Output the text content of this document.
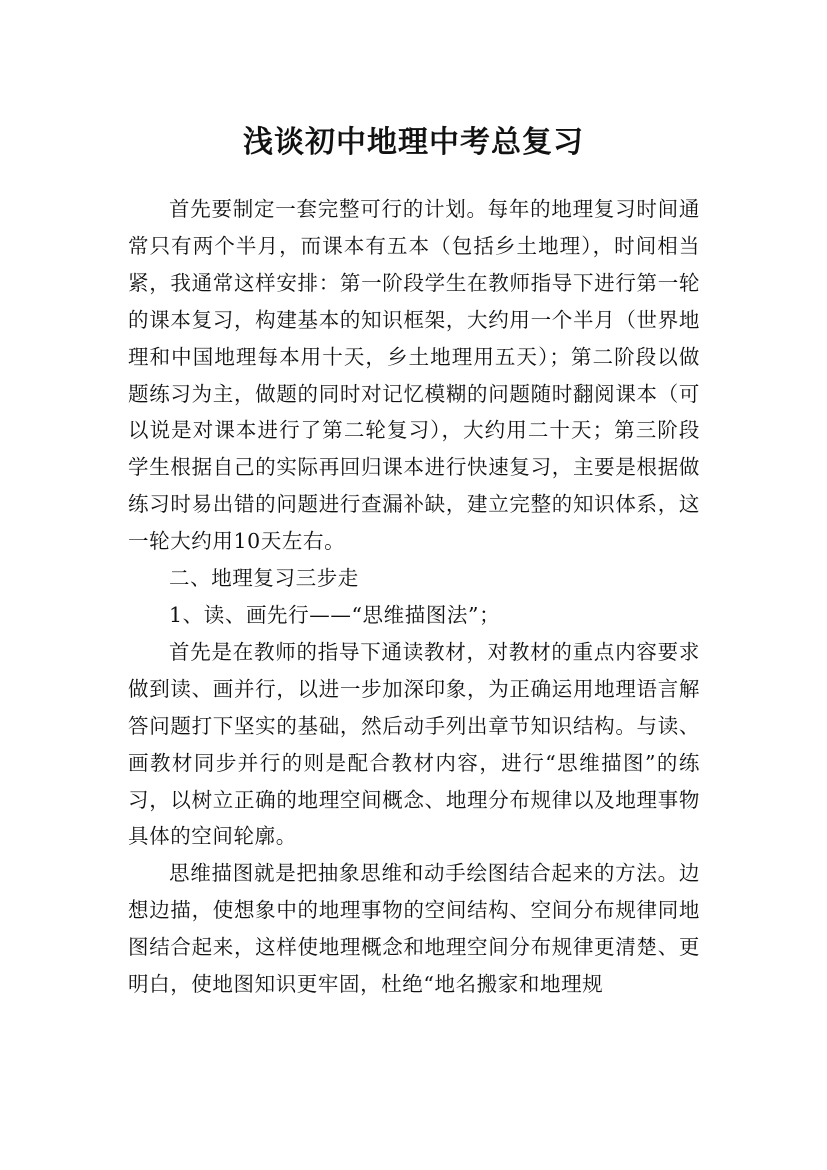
浅谈初中地理中考总复习

首先要制定一套完整可行的计划。每年的地理复习时间通常只有两个半月，而课本有五本（包括乡土地理），时间相当紧，我通常这样安排：第一阶段学生在教师指导下进行第一轮的课本复习，构建基本的知识框架，大约用一个半月（世界地理和中国地理每本用十天，乡土地理用五天）；第二阶段以做题练习为主，做题的同时对记忆模糊的问题随时翻阅课本（可以说是对课本进行了第二轮复习），大约用二十天；第三阶段学生根据自己的实际再回归课本进行快速复习，主要是根据做练习时易出错的问题进行查漏补缺，建立完整的知识体系，这一轮大约用10天左右。

二、地理复习三步走

1、读、画先行——“思维描图法”；

首先是在教师的指导下通读教材，对教材的重点内容要求做到读、画并行，以进一步加深印象，为正确运用地理语言解答问题打下坚实的基础，然后动手列出章节知识结构。与读、画教材同步并行的则是配合教材内容，进行“思维描图”的练习，以树立正确的地理空间概念、地理分布规律以及地理事物具体的空间轮廓。

思维描图就是把抽象思维和动手绘图结合起来的方法。边想边描，使想象中的地理事物的空间结构、空间分布规律同地图结合起来，这样使地理概念和地理空间分布规律更清楚、更明白，使地图知识更牢固，杜绝“地名搬家和地理规
